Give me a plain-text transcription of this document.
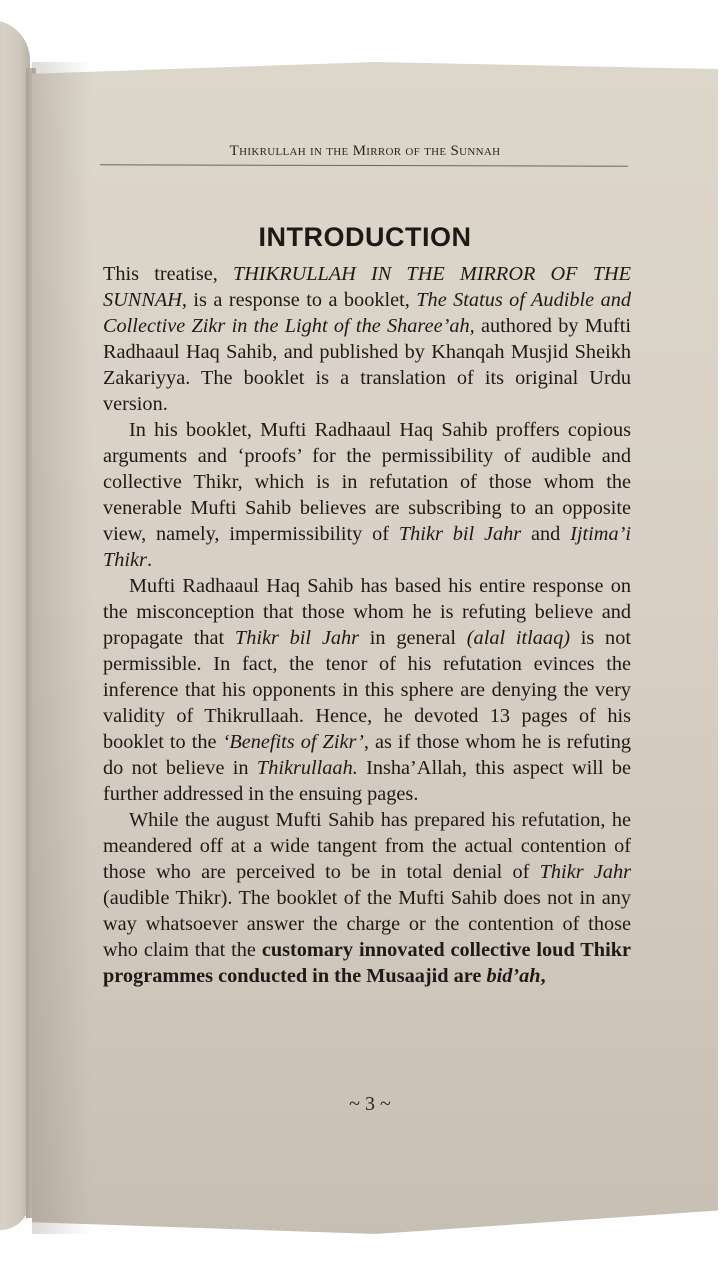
Thikrullah in the Mirror of the Sunnah
INTRODUCTION

This treatise, THIKRULLAH IN THE MIRROR OF THE SUNNAH, is a response to a booklet, The Status of Audible and Collective Zikr in the Light of the Sharee’ah, authored by Mufti Radhaaul Haq Sahib, and published by Khanqah Musjid Sheikh Zakariyya. The booklet is a translation of its original Urdu version.

In his booklet, Mufti Radhaaul Haq Sahib proffers copious arguments and ‘proofs’ for the permissibility of audible and collective Thikr, which is in refutation of those whom the venerable Mufti Sahib believes are subscribing to an opposite view, namely, impermissibility of Thikr bil Jahr and Ijtima’i Thikr.

Mufti Radhaaul Haq Sahib has based his entire response on the misconception that those whom he is refuting believe and propagate that Thikr bil Jahr in general (alal itlaaq) is not permissible. In fact, the tenor of his refutation evinces the inference that his opponents in this sphere are denying the very validity of Thikrullaah. Hence, he devoted 13 pages of his booklet to the ‘Benefits of Zikr’, as if those whom he is refuting do not believe in Thikrullaah. Insha’Allah, this aspect will be further addressed in the ensuing pages.

While the august Mufti Sahib has prepared his refutation, he meandered off at a wide tangent from the actual contention of those who are perceived to be in total denial of Thikr Jahr (audible Thikr). The booklet of the Mufti Sahib does not in any way whatsoever answer the charge or the contention of those who claim that the customary innovated collective loud Thikr programmes conducted in the Musaajid are bid’ah,

~ 3 ~
